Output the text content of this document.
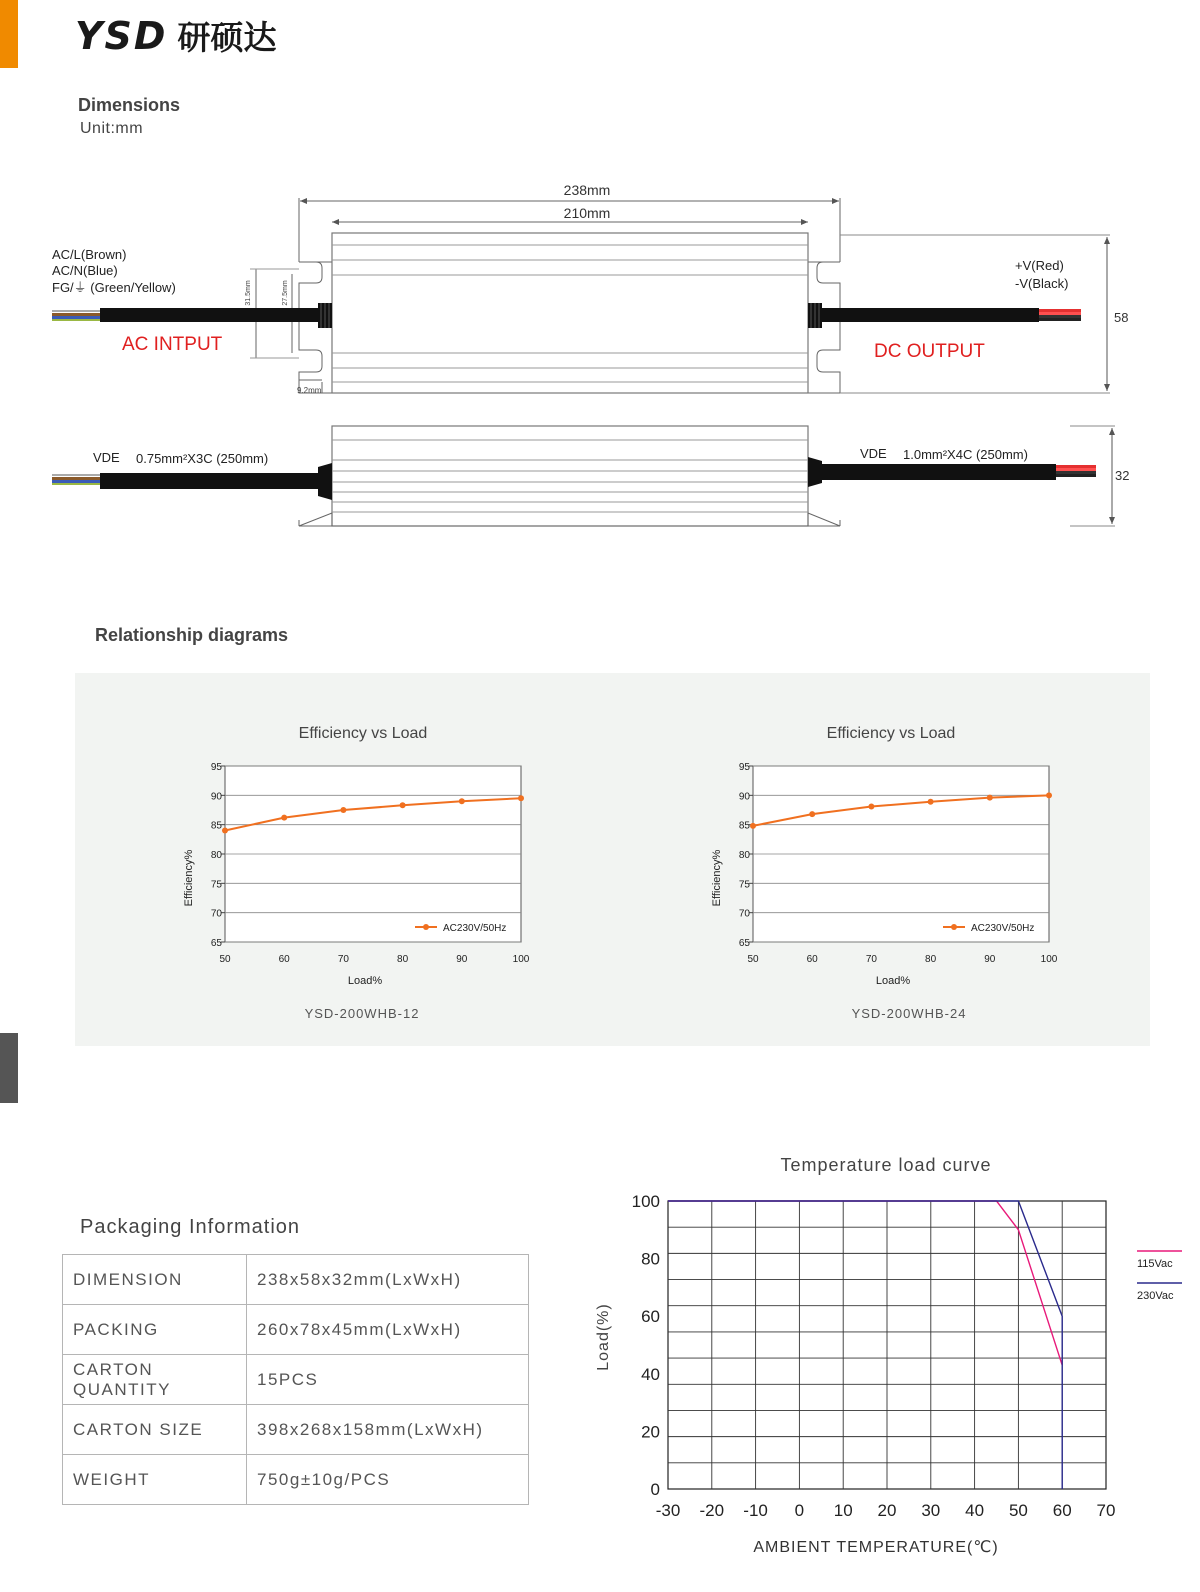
YSD 研硕达
Dimensions
Unit:mm
238mm
210mm
31.5mm	27.5mm
9.2mm
58
AC/L(Brown)
AC/N(Blue)
FG/⏚ (Green/Yellow)
AC INTPUT
+V(Red)
-V(Black)
DC OUTPUT
32
VDE 0.75mm²X3C (250mm)	VDE 1.0mm²X4C (250mm)
Relationship diagrams
Efficiency vs Load
65
70
75
80
85
90
95
50	60	70	80	90	100
AC230V/50Hz
Efficiency%
Load%
YSD-200WHB-12
Efficiency vs Load
65
70
75
80
85
90
95
50	60	70	80	90	100
AC230V/50Hz
Efficiency%
Load%
YSD-200WHB-24
Packaging Information
DIMENSION	238x58x32mm(LxWxH)
PACKING	260x78x45mm(LxWxH)
CARTON QUANTITY	15PCS
CARTON SIZE	398x268x158mm(LxWxH)
WEIGHT	750g±10g/PCS
Temperature load curve
0
20
40
60
80
100
-30 -20 -10 0 10 20 30 40 50 60 70
Load(%)
AMBIENT TEMPERATURE(℃)
115Vac
230Vac
